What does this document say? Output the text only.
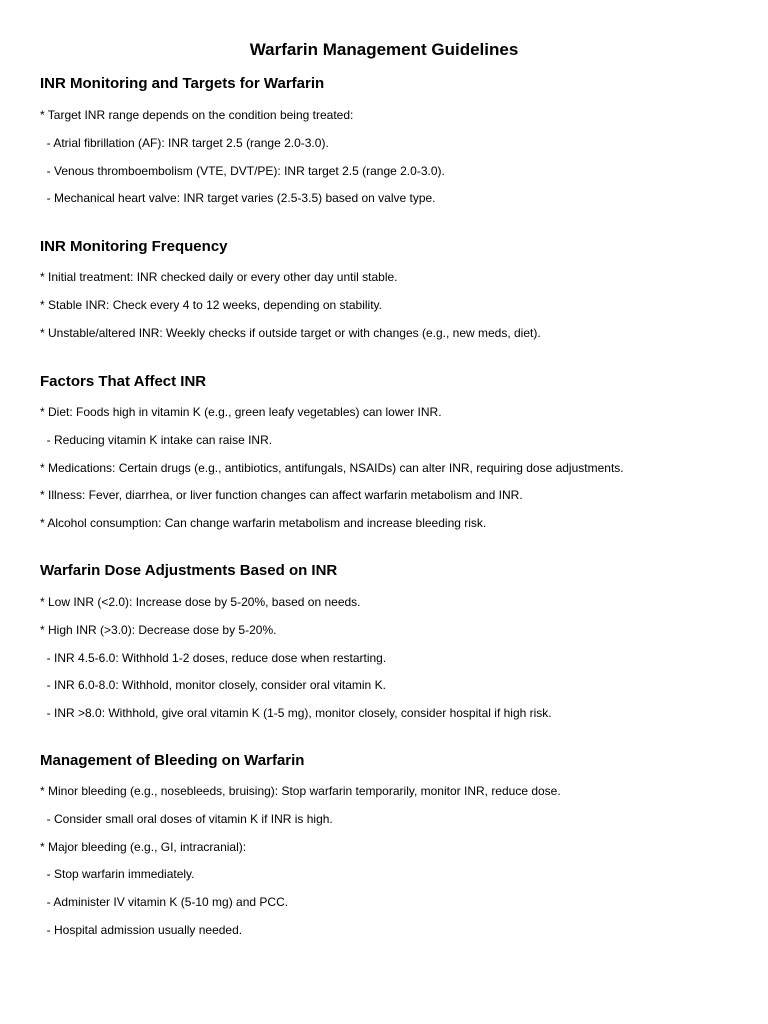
Warfarin Management Guidelines
INR Monitoring and Targets for Warfarin
* Target INR range depends on the condition being treated:
- Atrial fibrillation (AF): INR target 2.5 (range 2.0-3.0).
- Venous thromboembolism (VTE, DVT/PE): INR target 2.5 (range 2.0-3.0).
- Mechanical heart valve: INR target varies (2.5-3.5) based on valve type.
INR Monitoring Frequency
* Initial treatment: INR checked daily or every other day until stable.
* Stable INR: Check every 4 to 12 weeks, depending on stability.
* Unstable/altered INR: Weekly checks if outside target or with changes (e.g., new meds, diet).
Factors That Affect INR
* Diet: Foods high in vitamin K (e.g., green leafy vegetables) can lower INR.
- Reducing vitamin K intake can raise INR.
* Medications: Certain drugs (e.g., antibiotics, antifungals, NSAIDs) can alter INR, requiring dose adjustments.
* Illness: Fever, diarrhea, or liver function changes can affect warfarin metabolism and INR.
* Alcohol consumption: Can change warfarin metabolism and increase bleeding risk.
Warfarin Dose Adjustments Based on INR
* Low INR (<2.0): Increase dose by 5-20%, based on needs.
* High INR (>3.0): Decrease dose by 5-20%.
- INR 4.5-6.0: Withhold 1-2 doses, reduce dose when restarting.
- INR 6.0-8.0: Withhold, monitor closely, consider oral vitamin K.
- INR >8.0: Withhold, give oral vitamin K (1-5 mg), monitor closely, consider hospital if high risk.
Management of Bleeding on Warfarin
* Minor bleeding (e.g., nosebleeds, bruising): Stop warfarin temporarily, monitor INR, reduce dose.
- Consider small oral doses of vitamin K if INR is high.
* Major bleeding (e.g., GI, intracranial):
- Stop warfarin immediately.
- Administer IV vitamin K (5-10 mg) and PCC.
- Hospital admission usually needed.
